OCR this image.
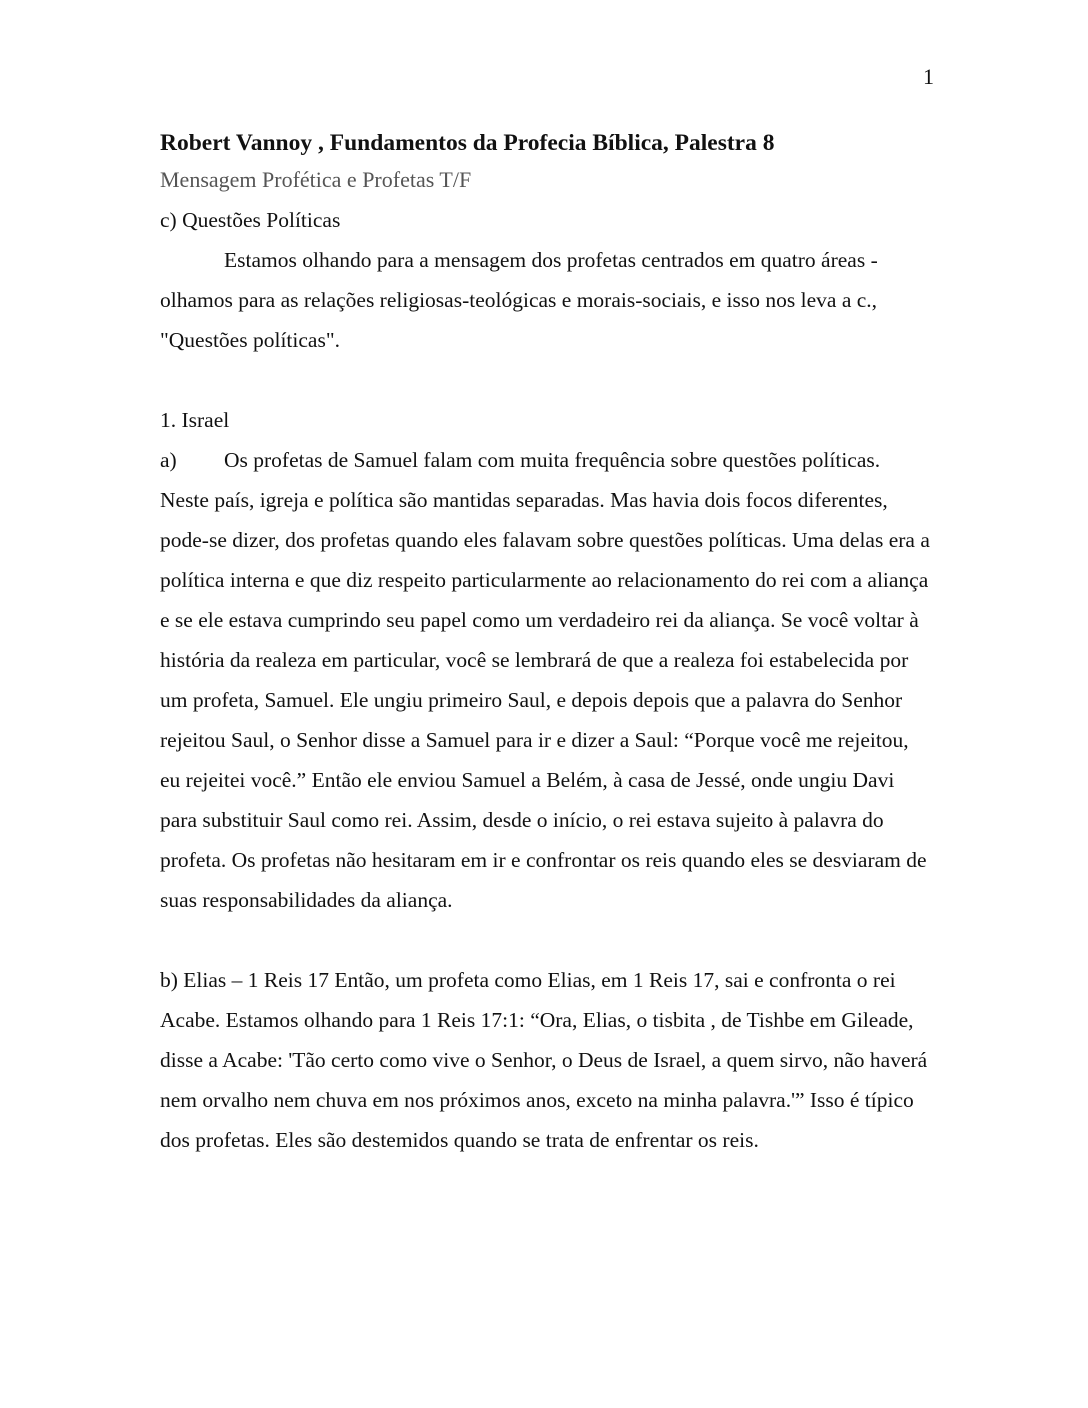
1

Robert Vannoy , Fundamentos da Profecia Bíblica, Palestra 8

Mensagem Profética e Profetas T/F

c) Questões Políticas

Estamos olhando para a mensagem dos profetas centrados em quatro áreas - olhamos para as relações religiosas-teológicas e morais-sociais, e isso nos leva a c., "Questões políticas".

1. Israel

a) Os profetas de Samuel falam com muita frequência sobre questões políticas. Neste país, igreja e política são mantidas separadas. Mas havia dois focos diferentes, pode-se dizer, dos profetas quando eles falavam sobre questões políticas. Uma delas era a política interna e que diz respeito particularmente ao relacionamento do rei com a aliança e se ele estava cumprindo seu papel como um verdadeiro rei da aliança. Se você voltar à história da realeza em particular, você se lembrará de que a realeza foi estabelecida por um profeta, Samuel. Ele ungiu primeiro Saul, e depois depois que a palavra do Senhor rejeitou Saul, o Senhor disse a Samuel para ir e dizer a Saul: “Porque você me rejeitou, eu rejeitei você.” Então ele enviou Samuel a Belém, à casa de Jessé, onde ungiu Davi para substituir Saul como rei. Assim, desde o início, o rei estava sujeito à palavra do profeta. Os profetas não hesitaram em ir e confrontar os reis quando eles se desviaram de suas responsabilidades da aliança.

b) Elias – 1 Reis 17 Então, um profeta como Elias, em 1 Reis 17, sai e confronta o rei Acabe. Estamos olhando para 1 Reis 17:1: “Ora, Elias, o tisbita , de Tishbe em Gileade, disse a Acabe: 'Tão certo como vive o Senhor, o Deus de Israel, a quem sirvo, não haverá nem orvalho nem chuva em nos próximos anos, exceto na minha palavra.'” Isso é típico dos profetas. Eles são destemidos quando se trata de enfrentar os reis.
